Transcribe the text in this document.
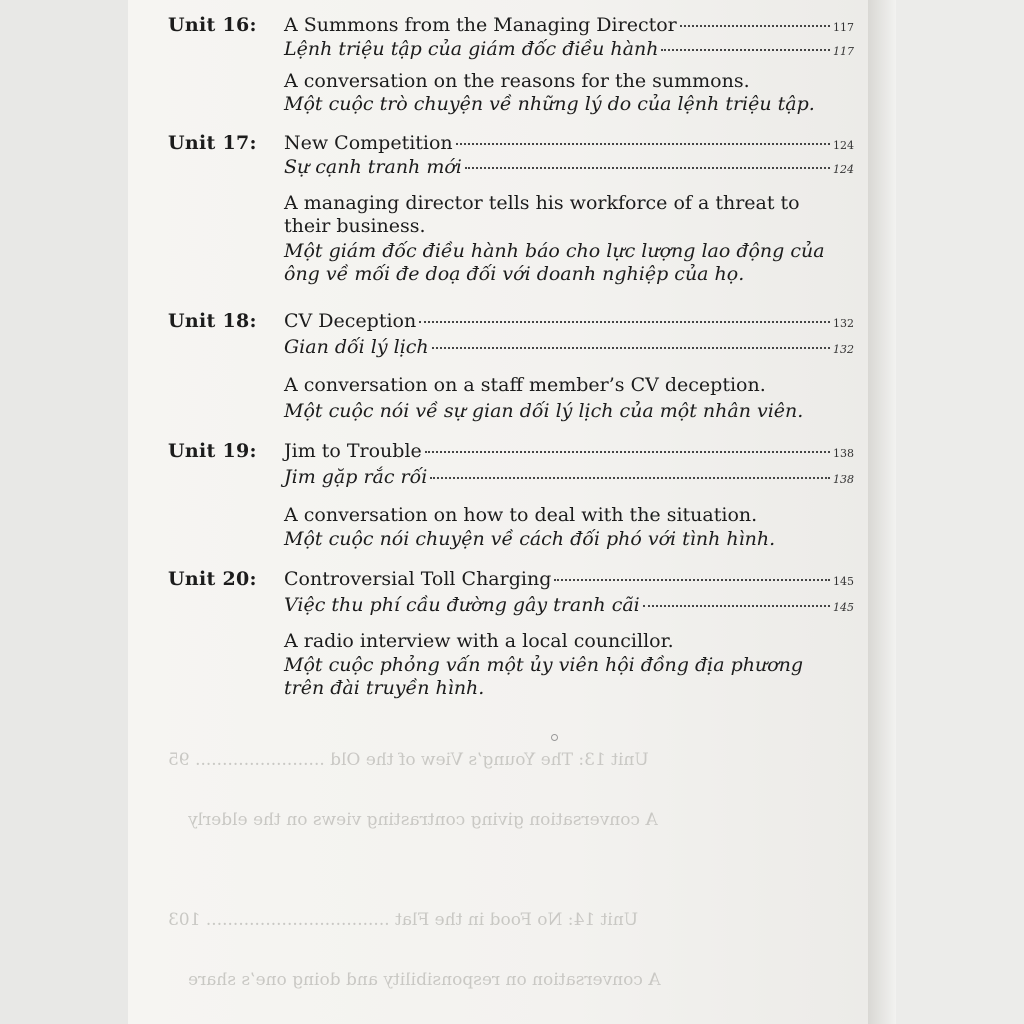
Unit 13: The Young’s View of the Old ........................ 95
A conversation giving contrasting views on the elderly
Unit 14: No Food in the Flat .................................. 103
A conversation on responsibility and doing one’s share
Unit 16: A Summons from the Managing Director	117
Lệnh triệu tập của giám đốc điều hành	117
A conversation on the reasons for the summons.
Một cuộc trò chuyện về những lý do của lệnh triệu tập.
Unit 17: New Competition	124
Sự cạnh tranh mới	124
A managing director tells his workforce of a threat to
their business.
Một giám đốc điều hành báo cho lực lượng lao động của
ông về mối đe doạ đối với doanh nghiệp của họ.
Unit 18: CV Deception	132
Gian dối lý lịch	132
A conversation on a staff member’s CV deception.
Một cuộc nói về sự gian dối lý lịch của một nhân viên.
Unit 19: Jim to Trouble	138
Jim gặp rắc rối	138
A conversation on how to deal with the situation.
Một cuộc nói chuyện về cách đối phó với tình hình.
Unit 20: Controversial Toll Charging	145
Việc thu phí cầu đường gây tranh cãi	145
A radio interview with a local councillor.
Một cuộc phỏng vấn một ủy viên hội đồng địa phương
trên đài truyền hình.
